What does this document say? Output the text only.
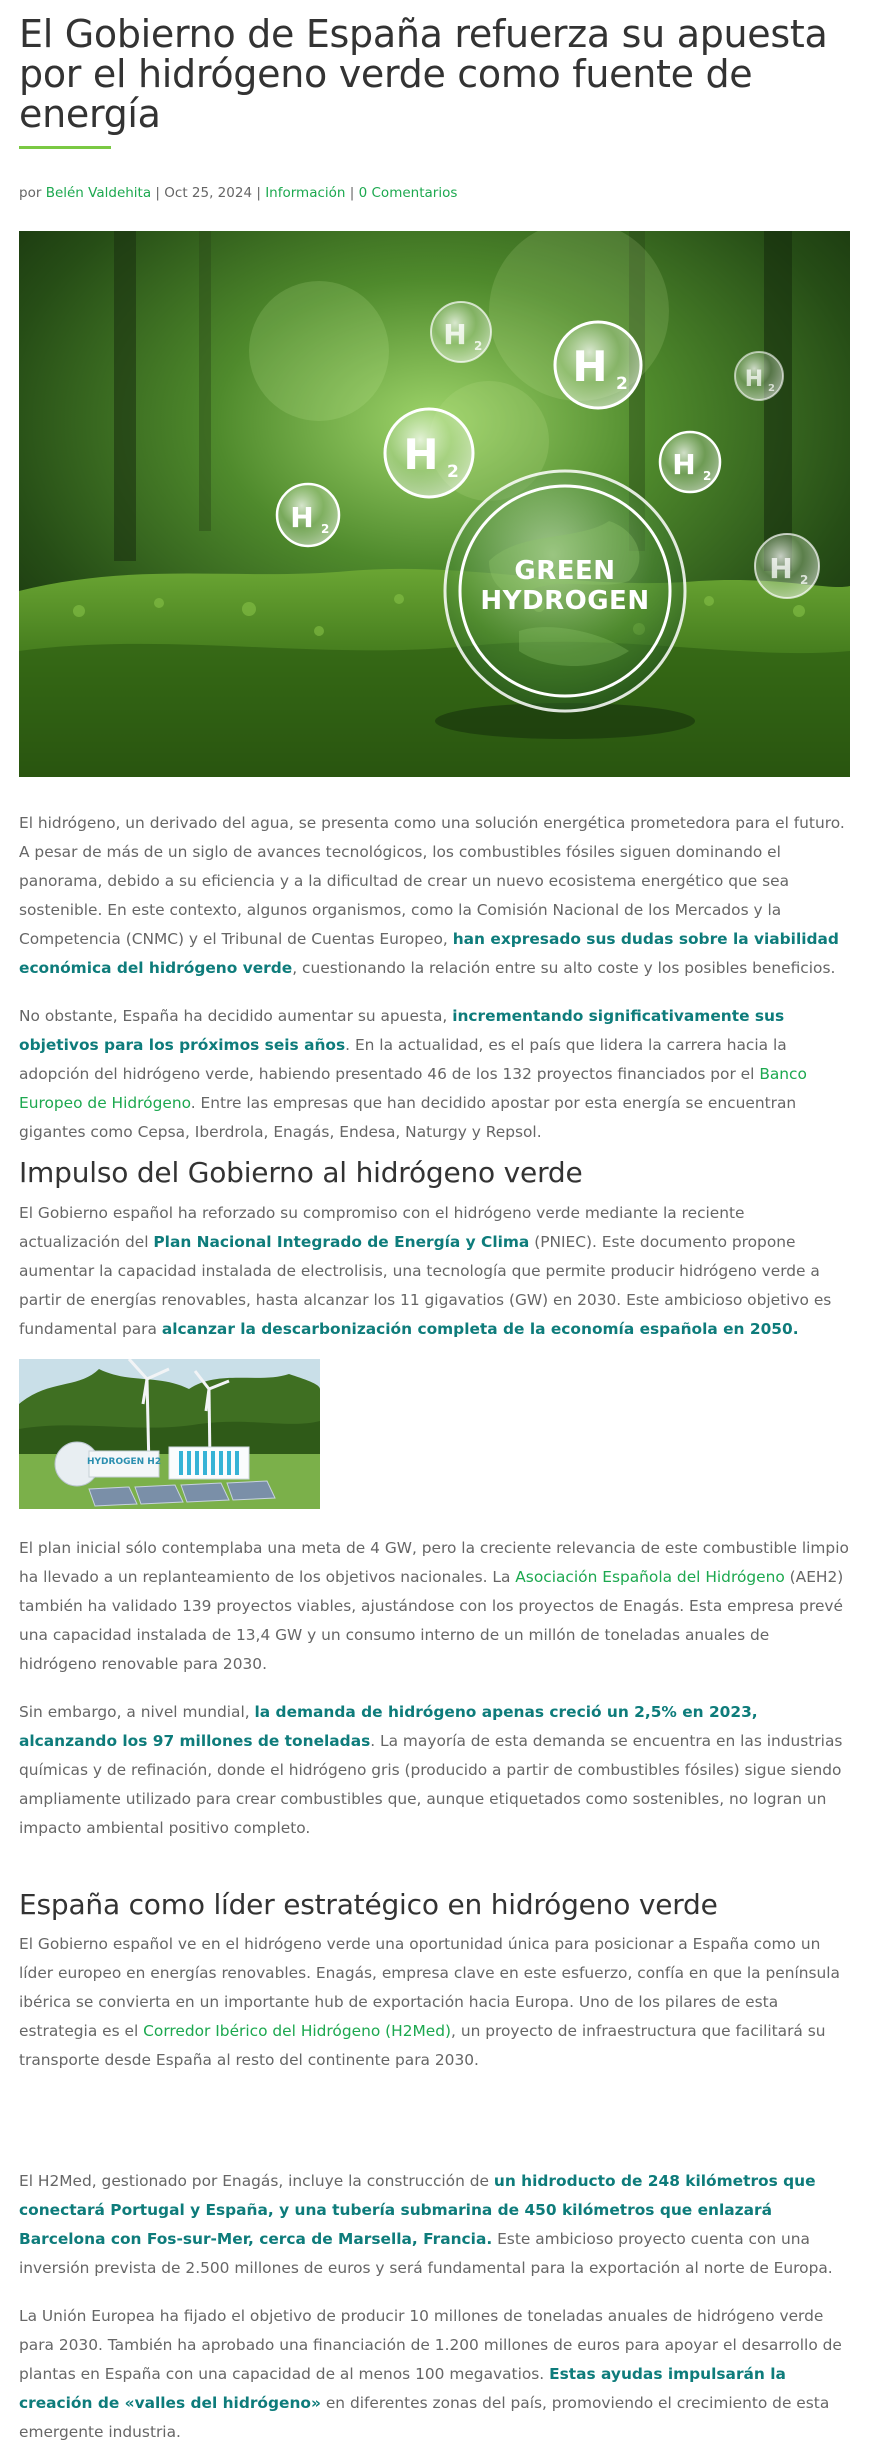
El Gobierno de España refuerza su apuesta por el hidrógeno verde como fuente de energía
por Belén Valdehita | Oct 25, 2024 | Información | 0 Comentarios
H 2 H 2	H 2
H 2	H 2
H 2
H 2
GREEN
HYDROGEN

El hidrógeno, un derivado del agua, se presenta como una solución energética prometedora para el futuro. A pesar de más de un siglo de avances tecnológicos, los combustibles fósiles siguen dominando el panorama, debido a su eficiencia y a la dificultad de crear un nuevo ecosistema energético que sea sostenible. En este contexto, algunos organismos, como la Comisión Nacional de los Mercados y la Competencia (CNMC) y el Tribunal de Cuentas Europeo, han expresado sus dudas sobre la viabilidad económica del hidrógeno verde, cuestionando la relación entre su alto coste y los posibles beneficios.

No obstante, España ha decidido aumentar su apuesta, incrementando significativamente sus objetivos para los próximos seis años. En la actualidad, es el país que lidera la carrera hacia la adopción del hidrógeno verde, habiendo presentado 46 de los 132 proyectos financiados por el Banco Europeo de Hidrógeno. Entre las empresas que han decidido apostar por esta energía se encuentran gigantes como Cepsa, Iberdrola, Enagás, Endesa, Naturgy y Repsol.

Impulso del Gobierno al hidrógeno verde

El Gobierno español ha reforzado su compromiso con el hidrógeno verde mediante la reciente actualización del Plan Nacional Integrado de Energía y Clima (PNIEC). Este documento propone aumentar la capacidad instalada de electrolisis, una tecnología que permite producir hidrógeno verde a partir de energías renovables, hasta alcanzar los 11 gigavatios (GW) en 2030. Este ambicioso objetivo es fundamental para alcanzar la descarbonización completa de la economía española en 2050.

HYDROGEN H2

El plan inicial sólo contemplaba una meta de 4 GW, pero la creciente relevancia de este combustible limpio ha llevado a un replanteamiento de los objetivos nacionales. La Asociación Española del Hidrógeno (AEH2) también ha validado 139 proyectos viables, ajustándose con los proyectos de Enagás. Esta empresa prevé una capacidad instalada de 13,4 GW y un consumo interno de un millón de toneladas anuales de hidrógeno renovable para 2030.

Sin embargo, a nivel mundial, la demanda de hidrógeno apenas creció un 2,5% en 2023, alcanzando los 97 millones de toneladas. La mayoría de esta demanda se encuentra en las industrias químicas y de refinación, donde el hidrógeno gris (producido a partir de combustibles fósiles) sigue siendo ampliamente utilizado para crear combustibles que, aunque etiquetados como sostenibles, no logran un impacto ambiental positivo completo.

España como líder estratégico en hidrógeno verde

El Gobierno español ve en el hidrógeno verde una oportunidad única para posicionar a España como un líder europeo en energías renovables. Enagás, empresa clave en este esfuerzo, confía en que la península ibérica se convierta en un importante hub de exportación hacia Europa. Uno de los pilares de esta estrategia es el Corredor Ibérico del Hidrógeno (H2Med), un proyecto de infraestructura que facilitará su transporte desde España al resto del continente para 2030.

El H2Med, gestionado por Enagás, incluye la construcción de un hidroducto de 248 kilómetros que conectará Portugal y España, y una tubería submarina de 450 kilómetros que enlazará Barcelona con Fos-sur-Mer, cerca de Marsella, Francia. Este ambicioso proyecto cuenta con una inversión prevista de 2.500 millones de euros y será fundamental para la exportación al norte de Europa.

La Unión Europea ha fijado el objetivo de producir 10 millones de toneladas anuales de hidrógeno verde para 2030. También ha aprobado una financiación de 1.200 millones de euros para apoyar el desarrollo de plantas en España con una capacidad de al menos 100 megavatios. Estas ayudas impulsarán la creación de «valles del hidrógeno» en diferentes zonas del país, promoviendo el crecimiento de esta emergente industria.
